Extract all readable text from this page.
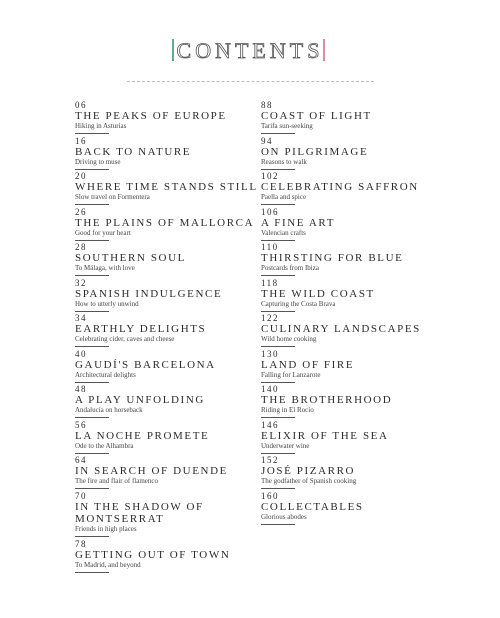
CONTENTS
06
THE PEAKS OF EUROPE
Hiking in Asturias
16
BACK TO NATURE
Driving to muse
20
WHERE TIME STANDS STILL
Slow travel on Formentera
26
THE PLAINS OF MALLORCA
Good for your heart
28
SOUTHERN SOUL
To Málaga, with love
32
SPANISH INDULGENCE
How to utterly unwind
34
EARTHLY DELIGHTS
Celebrating cider, caves and cheese
40
GAUDÍ'S BARCELONA
Architectural delights
48
A PLAY UNFOLDING
Andalucía on horseback
56
LA NOCHE PROMETE
Ode to the Alhambra
64
IN SEARCH OF DUENDE
The fire and flair of flamenco
70
IN THE SHADOW OF
MONTSERRAT
Friends in high places
78
GETTING OUT OF TOWN
To Madrid, and beyond
88
COAST OF LIGHT
Tarifa sun-seeking
94
ON PILGRIMAGE
Reasons to walk
102
CELEBRATING SAFFRON
Paella and spice
106
A FINE ART
Valencian crafts
110
THIRSTING FOR BLUE
Postcards from Ibiza
118
THE WILD COAST
Capturing the Costa Brava
122
CULINARY LANDSCAPES
Wild home cooking
130
LAND OF FIRE
Falling for Lanzarote
140
THE BROTHERHOOD
Riding in El Rocío
146
ELIXIR OF THE SEA
Underwater wine
152
JOSÉ PIZARRO
The godfather of Spanish cooking
160
COLLECTABLES
Glorious abodes
